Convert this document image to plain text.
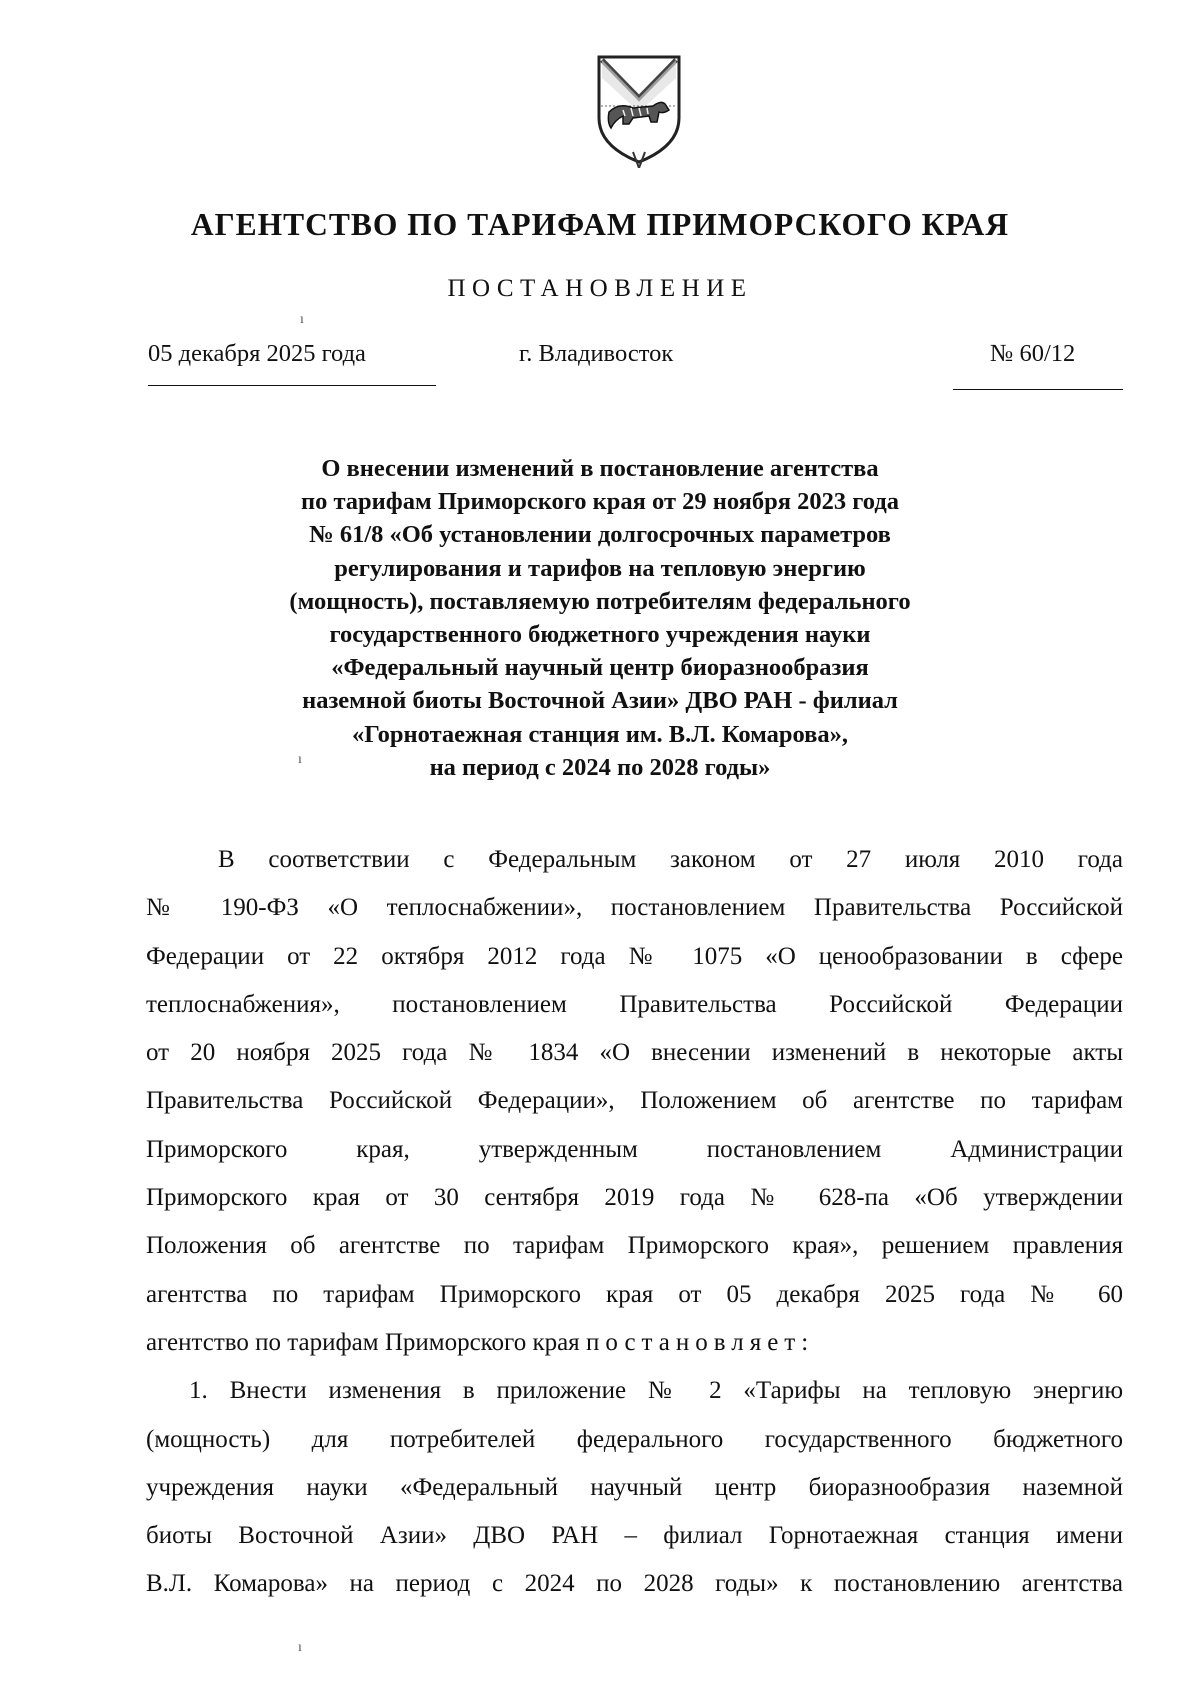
АГЕНТСТВО ПО ТАРИФАМ ПРИМОРСКОГО КРАЯ
ПОСТАНОВЛЕНИЕ
ı
05 декабря 2025 года	г. Владивосток	№ 60/12
О внесении изменений в постановление агентства
по тарифам Приморского края от 29 ноября 2023 года
№ 61/8 «Об установлении долгосрочных параметров
регулирования и тарифов на тепловую энергию
(мощность), поставляемую потребителям федерального
государственного бюджетного учреждения науки
«Федеральный научный центр биоразнообразия
наземной биоты Восточной Азии» ДВО РАН - филиал
«Горнотаежная станция им. В.Л. Комарова»,
на период с 2024 по 2028 годы»
ı
ı
В соответствии с Федеральным законом от 27 июля 2010 года
№ 190-ФЗ «О теплоснабжении», постановлением Правительства Российской
Федерации от 22 октября 2012 года № 1075 «О ценообразовании в сфере
теплоснабжения», постановлением Правительства Российской Федерации
от 20 ноября 2025 года № 1834 «О внесении изменений в некоторые акты
Правительства Российской Федерации», Положением об агентстве по тарифам
Приморского края, утвержденным постановлением Администрации
Приморского края от 30 сентября 2019 года № 628-па «Об утверждении
Положения об агентстве по тарифам Приморского края», решением правления
агентства по тарифам Приморского края от 05 декабря 2025 года № 60
агентство по тарифам Приморского края постановляет:
1. Внести изменения в приложение № 2 «Тарифы на тепловую энергию
(мощность) для потребителей федерального государственного бюджетного
учреждения науки «Федеральный научный центр биоразнообразия наземной
биоты Восточной Азии» ДВО РАН – филиал Горнотаежная станция имени
В.Л. Комарова» на период с 2024 по 2028 годы» к постановлению агентства
